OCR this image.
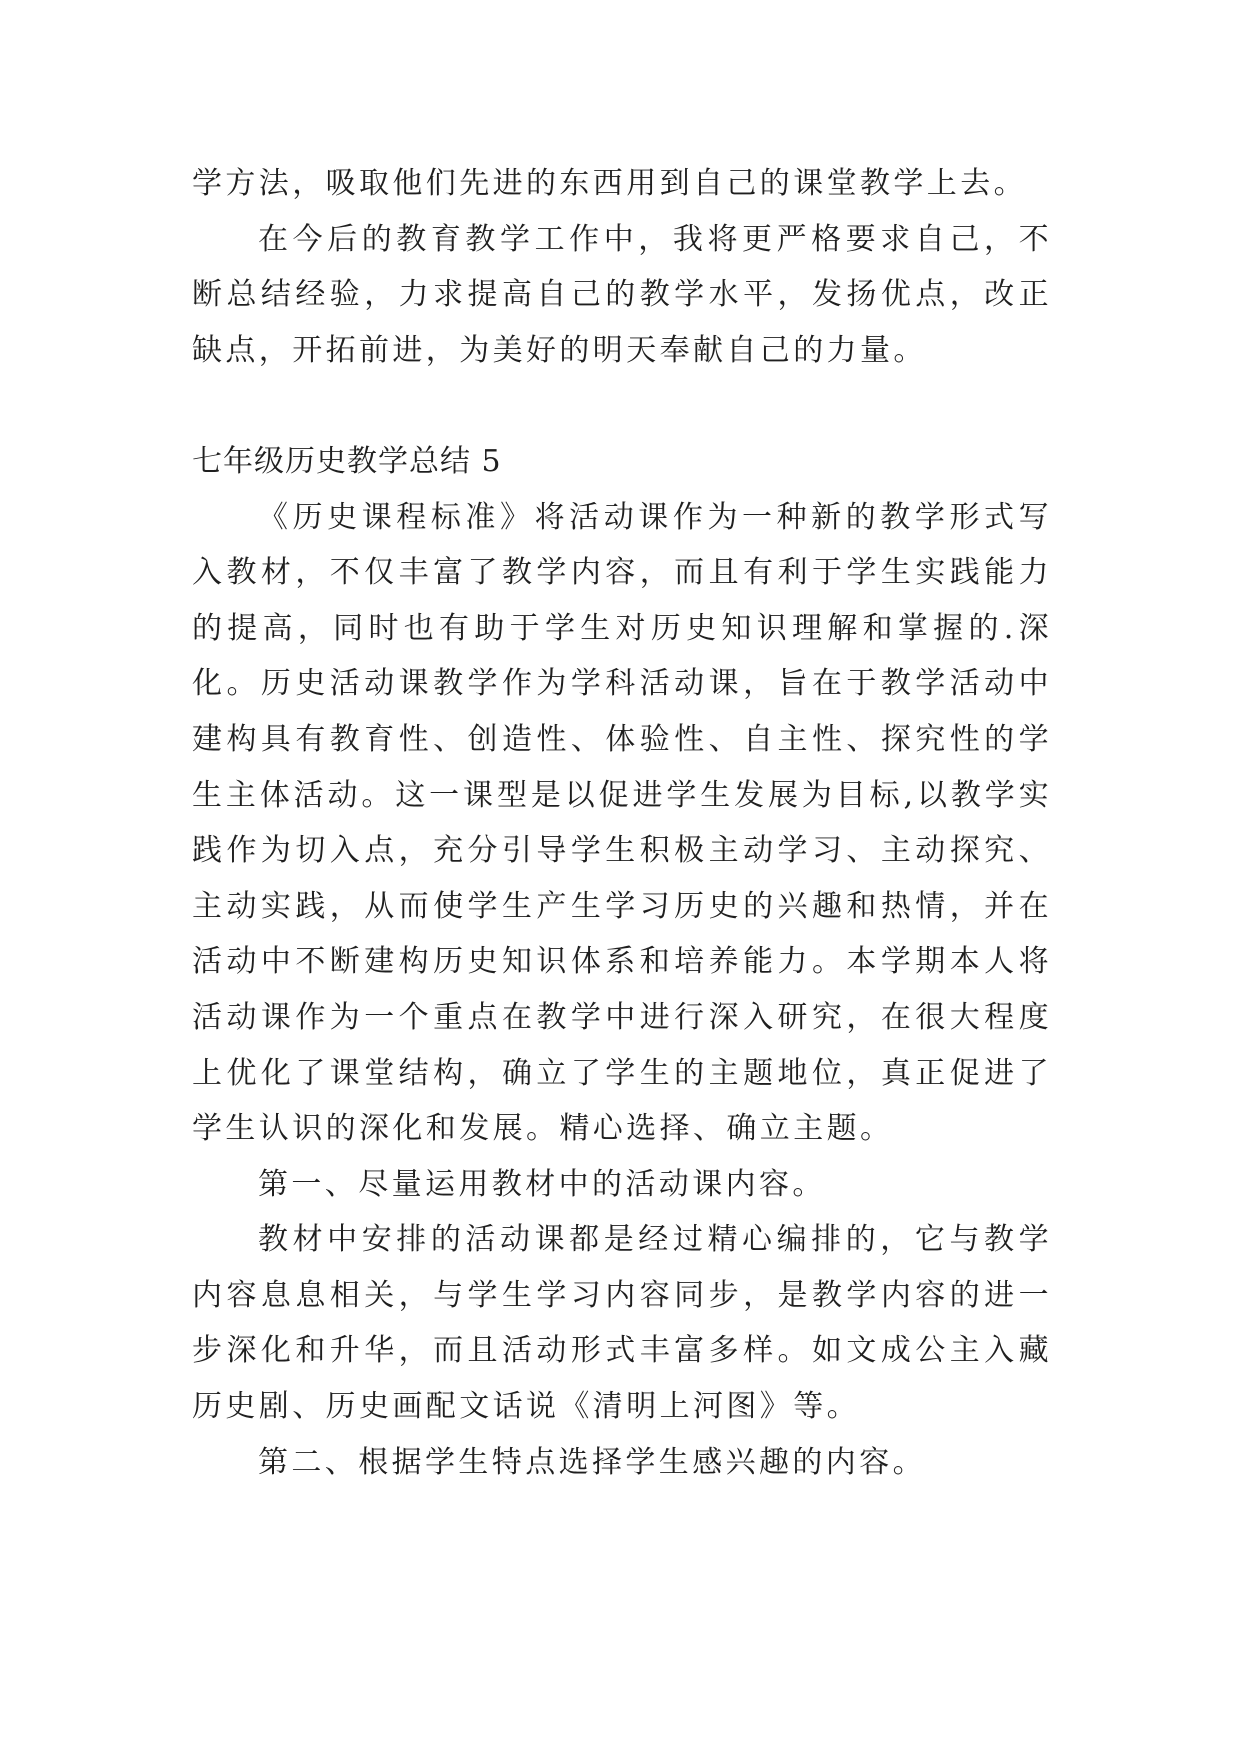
学方法，吸取他们先进的东西用到自己的课堂教学上去。

在今后的教育教学工作中，我将更严格要求自己，不断总结经验，力求提高自己的教学水平，发扬优点，改正缺点，开拓前进，为美好的明天奉献自己的力量。

七年级历史教学总结 5

《历史课程标准》将活动课作为一种新的教学形式写入教材，不仅丰富了教学内容，而且有利于学生实践能力的提高，同时也有助于学生对历史知识理解和掌握的.深化。历史活动课教学作为学科活动课，旨在于教学活动中建构具有教育性、创造性、体验性、自主性、探究性的学生主体活动。这一课型是以促进学生发展为目标,以教学实践作为切入点，充分引导学生积极主动学习、主动探究、主动实践，从而使学生产生学习历史的兴趣和热情，并在活动中不断建构历史知识体系和培养能力。本学期本人将活动课作为一个重点在教学中进行深入研究，在很大程度上优化了课堂结构，确立了学生的主题地位，真正促进了学生认识的深化和发展。精心选择、确立主题。

第一、尽量运用教材中的活动课内容。

教材中安排的活动课都是经过精心编排的，它与教学内容息息相关，与学生学习内容同步，是教学内容的进一步深化和升华，而且活动形式丰富多样。如文成公主入藏历史剧、历史画配文话说《清明上河图》等。

第二、根据学生特点选择学生感兴趣的内容。
